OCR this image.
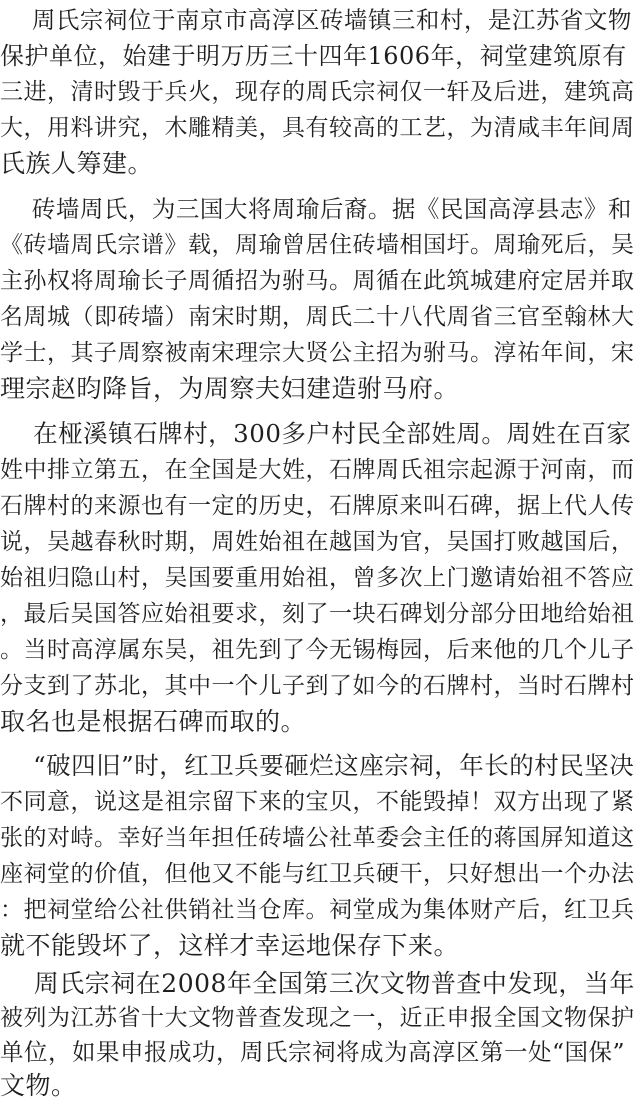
周氏宗祠位于南京市高淳区砖墙镇三和村，是江苏省文物
保护单位，始建于明万历三十四年1606年，祠堂建筑原有
三进，清时毁于兵火，现存的周氏宗祠仅一轩及后进，建筑高
大，用料讲究，木雕精美，具有较高的工艺，为清咸丰年间周
氏族人筹建。
砖墙周氏，为三国大将周瑜后裔。据《民国高淳县志》和
《砖墙周氏宗谱》载，周瑜曾居住砖墙相国圩。周瑜死后，吴
主孙权将周瑜长子周循招为驸马。周循在此筑城建府定居并取
名周城（即砖墙）南宋时期，周氏二十八代周省三官至翰林大
学士，其子周察被南宋理宗大贤公主招为驸马。淳祐年间，宋
理宗赵昀降旨，为周察夫妇建造驸马府。
在桠溪镇石牌村，300多户村民全部姓周。周姓在百家
姓中排立第五，在全国是大姓，石牌周氏祖宗起源于河南，而
石牌村的来源也有一定的历史，石牌原来叫石碑，据上代人传
说，吴越春秋时期，周姓始祖在越国为官，吴国打败越国后，
始祖归隐山村，吴国要重用始祖，曾多次上门邀请始祖不答应
，最后吴国答应始祖要求，刻了一块石碑划分部分田地给始祖
。当时高淳属东吴，祖先到了今无锡梅园，后来他的几个儿子
分支到了苏北，其中一个儿子到了如今的石牌村，当时石牌村
取名也是根据石碑而取的。
“破四旧”时，红卫兵要砸烂这座宗祠，年长的村民坚决
不同意，说这是祖宗留下来的宝贝，不能毁掉！双方出现了紧
张的对峙。幸好当年担任砖墙公社革委会主任的蒋国屏知道这
座祠堂的价值，但他又不能与红卫兵硬干，只好想出一个办法
：把祠堂给公社供销社当仓库。祠堂成为集体财产后，红卫兵
就不能毁坏了，这样才幸运地保存下来。
周氏宗祠在2008年全国第三次文物普查中发现，当年
被列为江苏省十大文物普查发现之一，近正申报全国文物保护
单位，如果申报成功，周氏宗祠将成为高淳区第一处“国保”
文物。
